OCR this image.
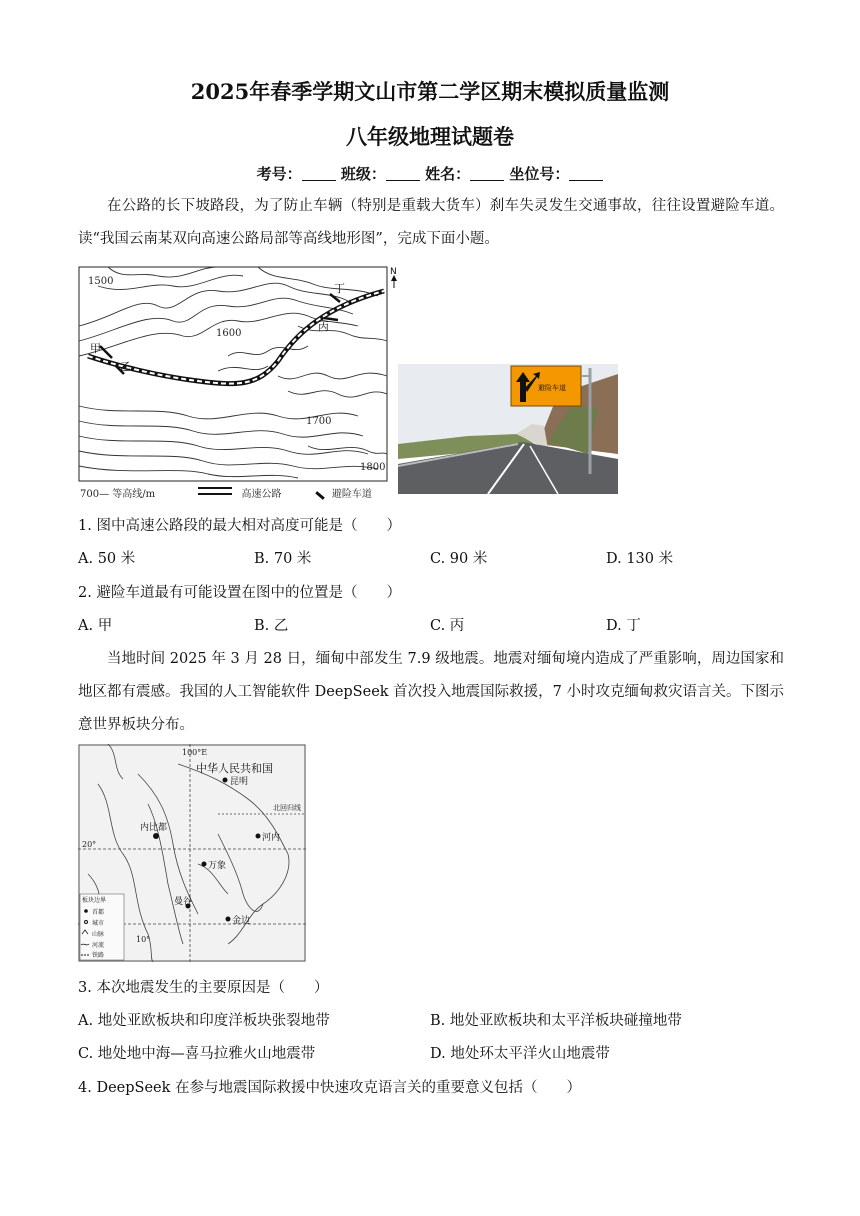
2025年春季学期文山市第二学区期末模拟质量监测
八年级地理试题卷
考号：	班级：	姓名：	坐位号：
在公路的长下坡路段，为了防止车辆（特别是重载大货车）刹车失灵发生交通事故，往往设置避险车道。读“我国云南某双向高速公路局部等高线地形图”，完成下面小题。
1500
1600
1700
1800
N
甲
乙
丙
丁
700— 等高线/m	高速公路	避险车道
避险车道
1. 图中高速公路段的最大相对高度可能是（　　）
A. 50 米	B. 70 米	C. 90 米	D. 130 米
2. 避险车道最有可能设置在图中的位置是（　　）
A. 甲	B. 乙	C. 丙	D. 丁
当地时间 2025 年 3 月 28 日，缅甸中部发生 7.9 级地震。地震对缅甸境内造成了严重影响，周边国家和地区都有震感。我国的人工智能软件 DeepSeek 首次投入地震国际救援，7 小时攻克缅甸救灾语言关。下图示意世界板块分布。
100°E
中华人民共和国
昆明
北回归线
20°
10°
内比都
河内
万象
曼谷
金边
板块边界
首都
城市
山脉
河流
铁路
3. 本次地震发生的主要原因是（　　）
A. 地处亚欧板块和印度洋板块张裂地带	B. 地处亚欧板块和太平洋板块碰撞地带
C. 地处地中海—喜马拉雅火山地震带	D. 地处环太平洋火山地震带
4. DeepSeek 在参与地震国际救援中快速攻克语言关的重要意义包括（　　）
